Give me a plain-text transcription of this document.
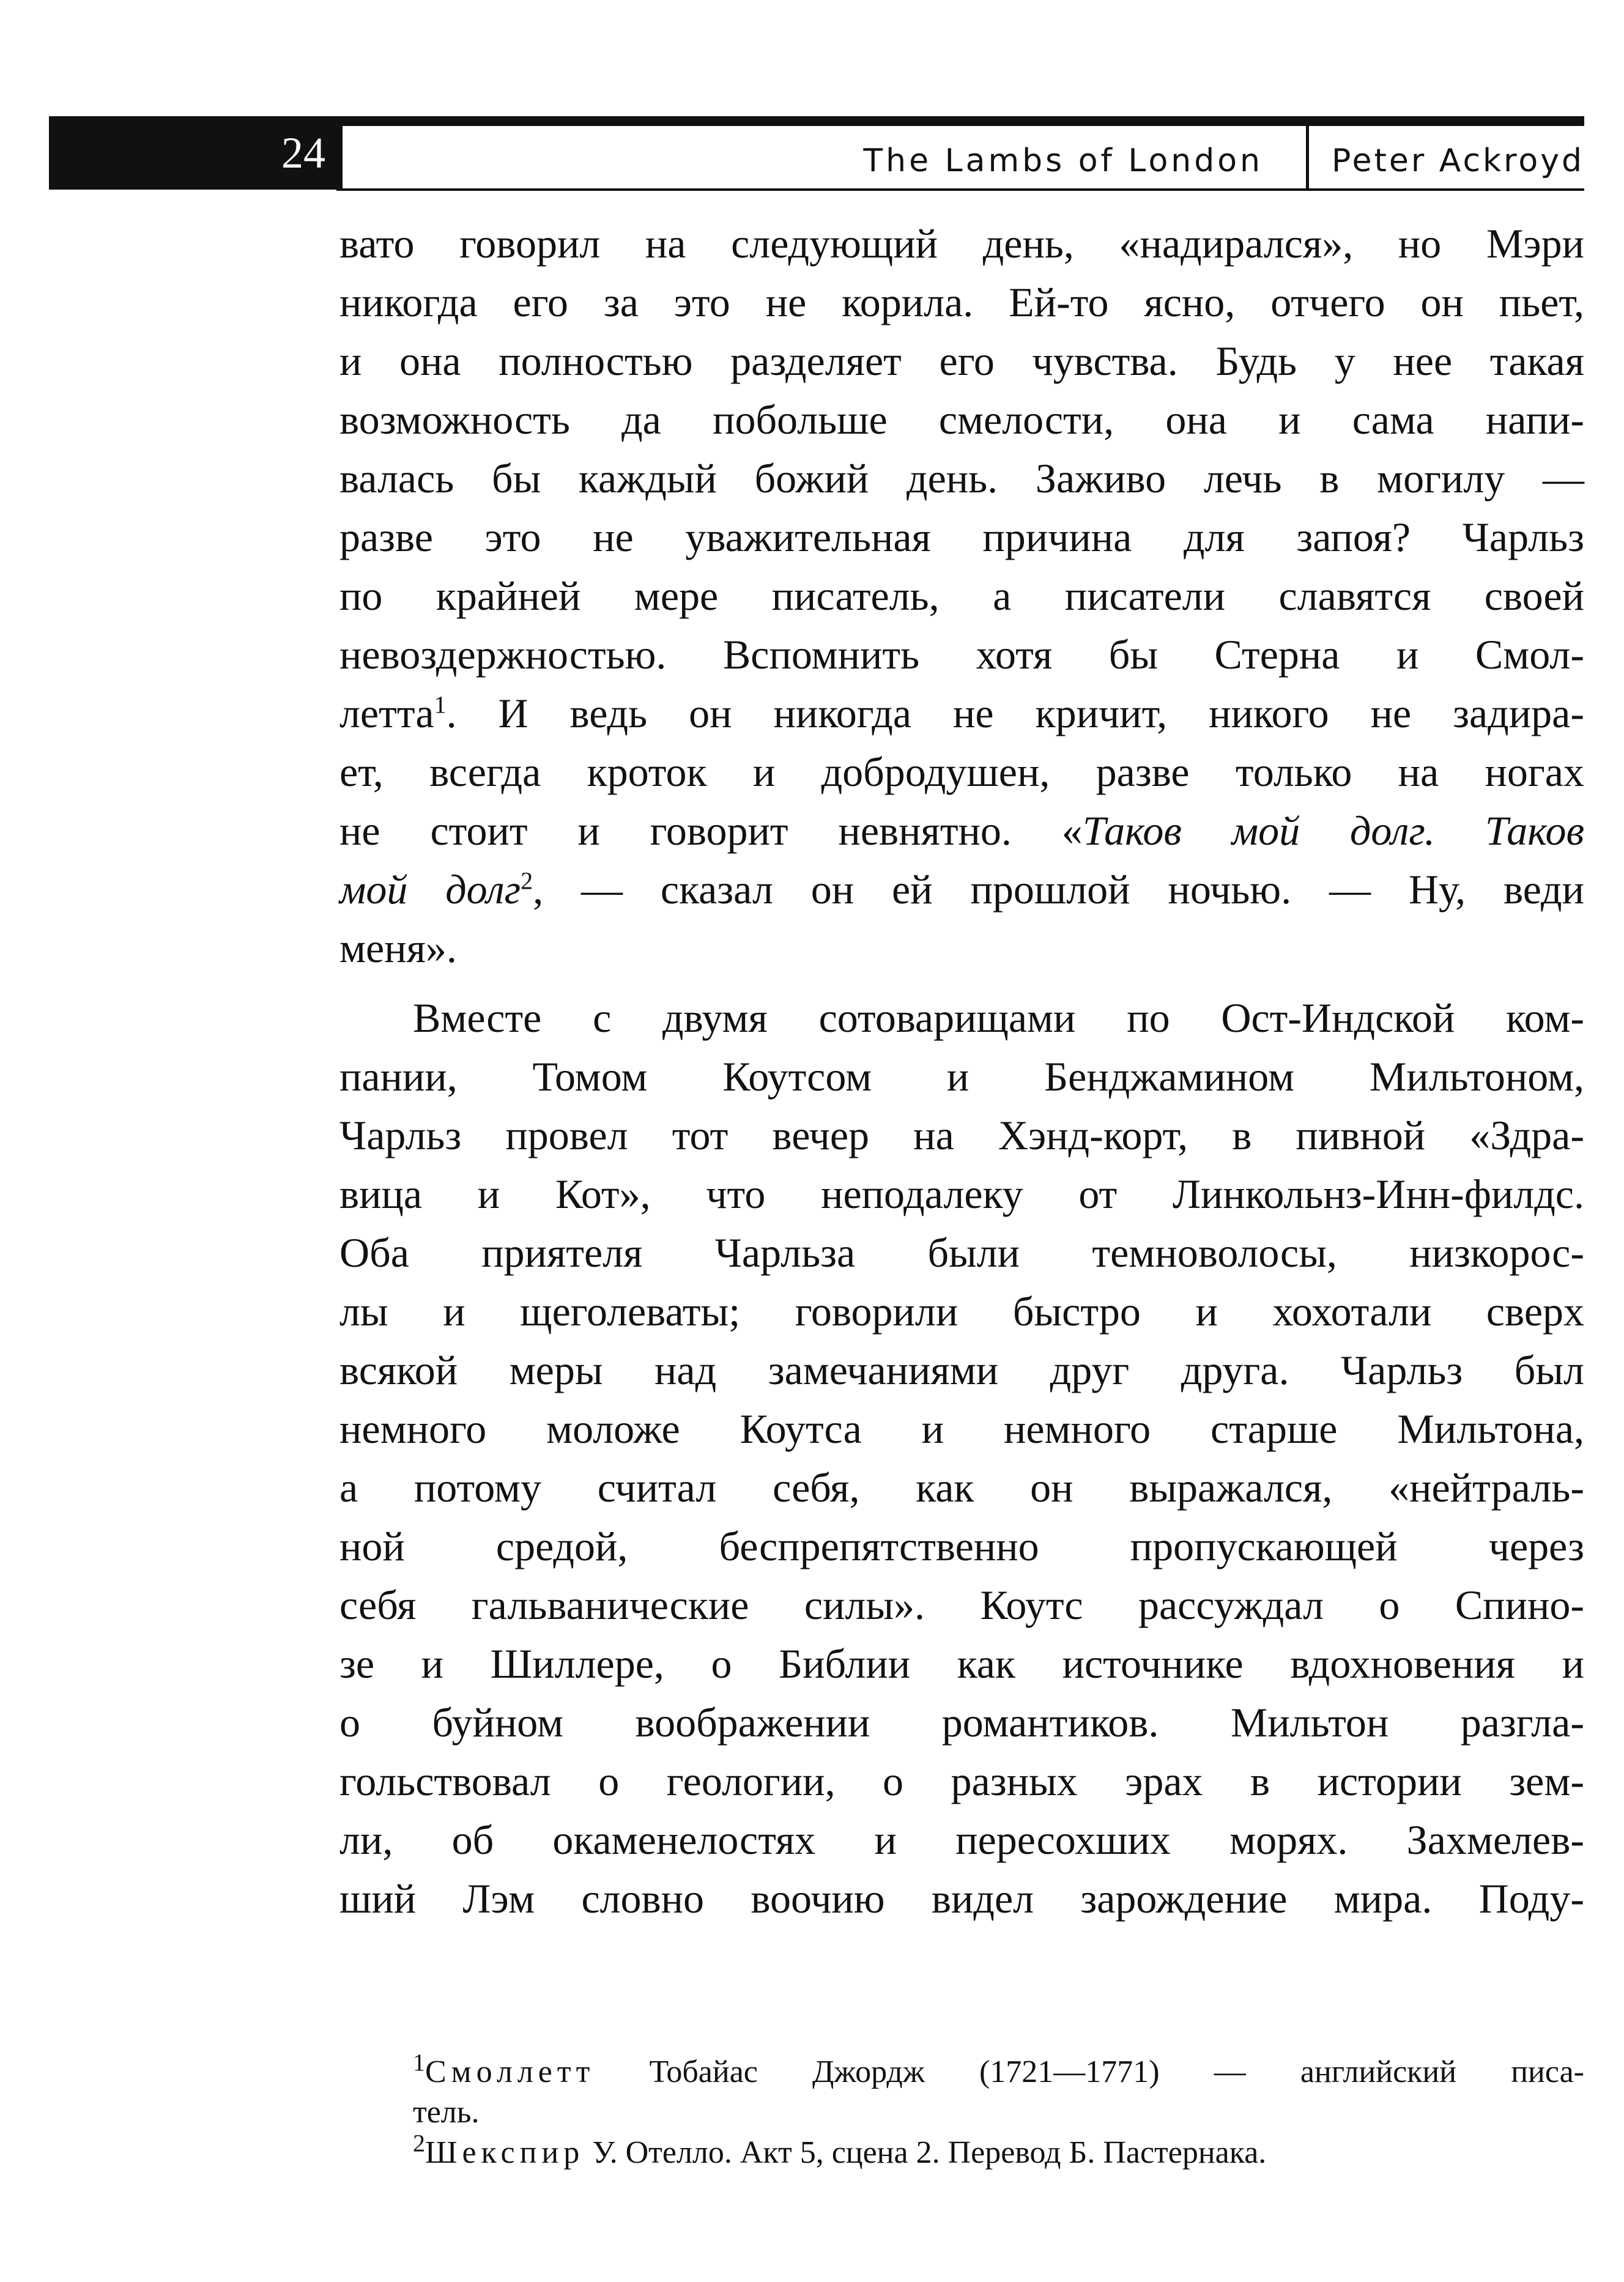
24	The Lambs of London	Peter Ackroyd
вато говорил на следующий день, «надирался», но Мэри
никогда его за это не корила. Ей-то ясно, отчего он пьет,
и она полностью разделяет его чувства. Будь у нее такая
возможность да побольше смелости, она и сама напи-
валась бы каждый божий день. Заживо лечь в могилу —
разве это не уважительная причина для запоя? Чарльз
по крайней мере писатель, а писатели славятся своей
невоздержностью. Вспомнить хотя бы Стерна и Смол-
летта$^1$. И ведь он никогда не кричит, никого не задира-
ет, всегда кроток и добродушен, разве только на ногах
не стоит и говорит невнятно. «Таков мой долг. Таков
мой долг$^2$, — сказал он ей прошлой ночью. — Ну, веди
меня».
Вместе с двумя сотоварищами по Ост-Индской ком-
пании, Томом Коутсом и Бенджамином Мильтоном,
Чарльз провел тот вечер на Хэнд-корт, в пивной «Здра-
вица и Кот», что неподалеку от Линкольнз-Инн-филдс.
Оба приятеля Чарльза были темноволосы, низкорос-
лы и щеголеваты; говорили быстро и хохотали сверх
всякой меры над замечаниями друг друга. Чарльз был
немного моложе Коутса и немного старше Мильтона,
а потому считал себя, как он выражался, «нейтраль-
ной средой, беспрепятственно пропускающей через
себя гальванические силы». Коутс рассуждал о Спино-
зе и Шиллере, о Библии как источнике вдохновения и
о буйном воображении романтиков. Мильтон разгла-
гольствовал о геологии, о разных эрах в истории зем-
ли, об окаменелостях и пересохших морях. Захмелев-
ший Лэм словно воочию видел зарождение мира. Поду-
$^1$Смоллетт Тобайас Джордж (1721—1771) — английский писа-
тель.
$^2$Шекспир У. Отелло. Акт 5, сцена 2. Перевод Б. Пастернака.
